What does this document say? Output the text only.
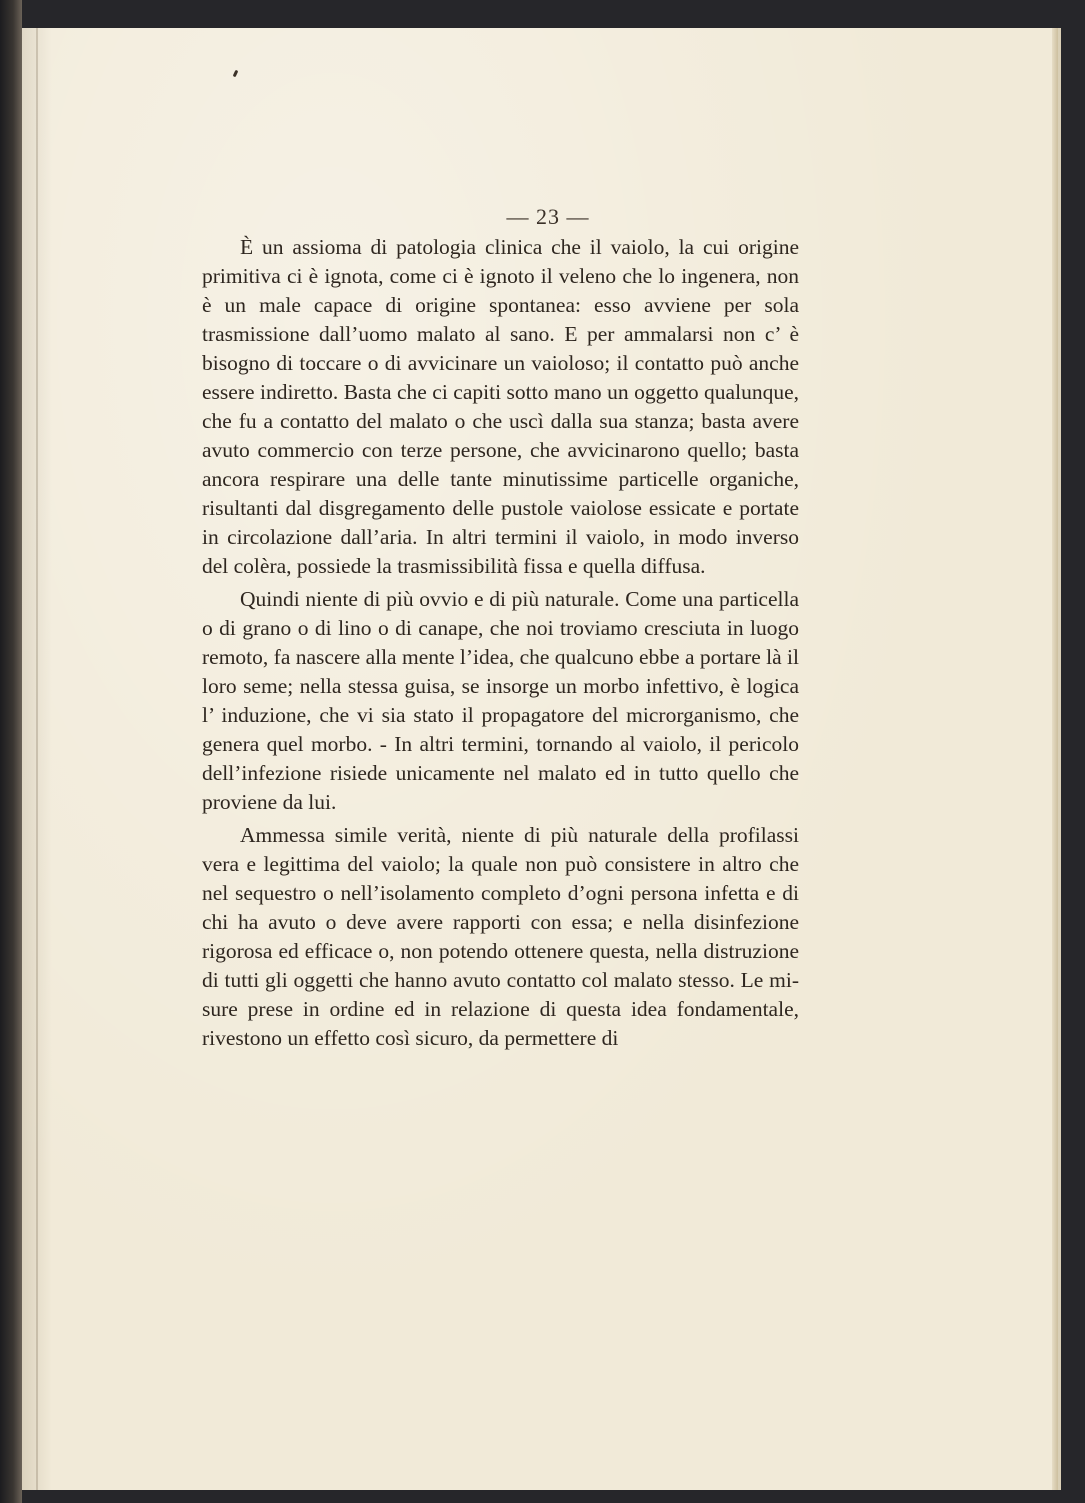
— 23 —

È un assioma di patologia clinica che il vaiolo, la cui origine primitiva ci è ignota, come ci è ignoto il veleno che lo ingenera, non è un male capace di origine spontanea: esso avviene per sola trasmissione dall’uomo malato al sano. E per ammalarsi non c’ è bisogno di toccare o di avvicinare un vaioloso; il contatto può anche essere indiretto. Basta che ci capiti sotto mano un oggetto qualunque, che fu a contatto del malato o che uscì dalla sua stanza; basta avere avuto commercio con terze persone, che avvicinarono quello; basta ancora respirare una delle tante minutissime particelle organiche, risultanti dal disgregamento delle pustole vaiolose essicate e portate in circolazione dall’aria. In altri termini il vaiolo, in modo inverso del colèra, possiede la trasmissibilità fissa e quella diffusa.

Quindi niente di più ovvio e di più naturale. Come una particella o di grano o di lino o di canape, che noi troviamo cresciuta in luogo remoto, fa nascere alla mente l’idea, che qualcuno ebbe a portare là il loro seme; nella stessa guisa, se insorge un morbo infettivo, è logica l’ induzione, che vi sia stato il propagatore del microrganismo, che genera quel morbo. - In altri termini, tornando al vaiolo, il pericolo dell’infezione risiede unicamente nel malato ed in tutto quello che proviene da lui.

Ammessa simile verità, niente di più naturale della profilassi vera e legittima del vaiolo; la quale non può consistere in altro che nel sequestro o nell’isolamento completo d’ogni persona infetta e di chi ha avuto o deve avere rapporti con essa; e nella disinfezione rigorosa ed efficace o, non potendo ottenere questa, nella distruzione di tutti gli oggetti che hanno avuto contatto col malato stesso. Le misure prese in ordine ed in relazione di questa idea fondamentale, rivestono un effetto così sicuro, da permettere di
